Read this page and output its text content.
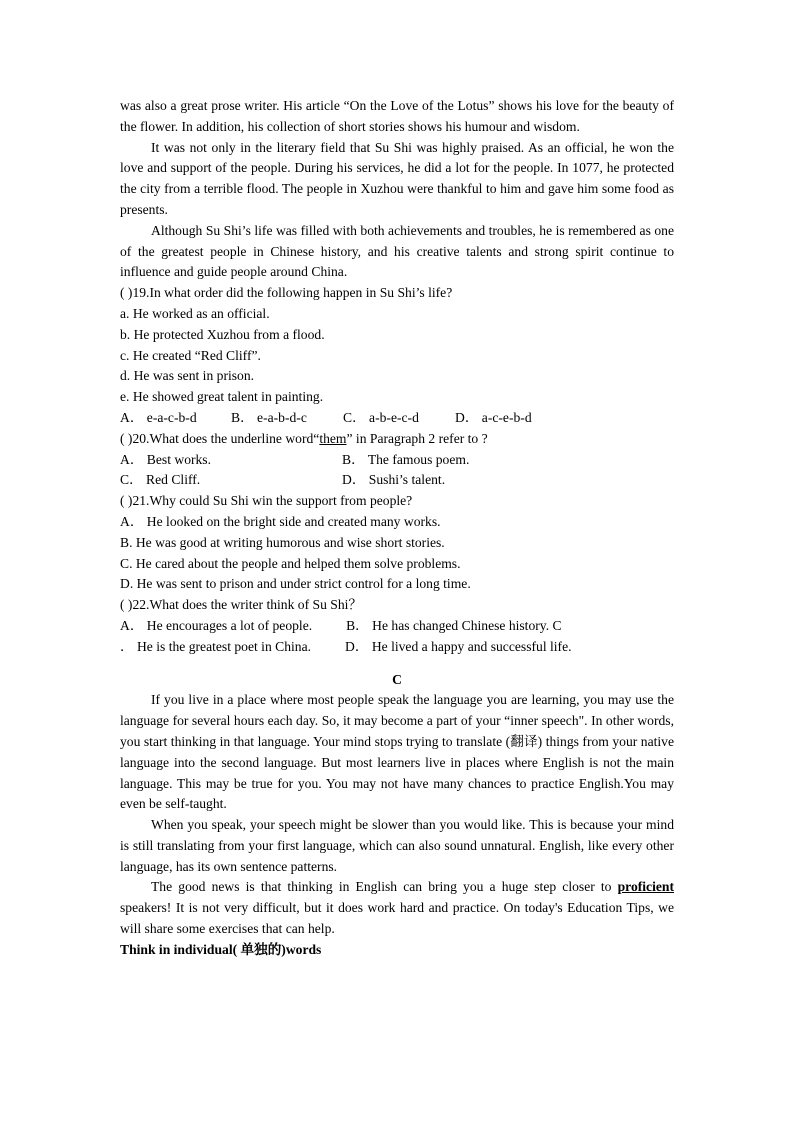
was also a great prose writer. His article “On the Love of the Lotus” shows his love for the beauty of the flower. In addition, his collection of short stories shows his humour and wisdom.

It was not only in the literary field that Su Shi was highly praised. As an official, he won the love and support of the people. During his services, he did a lot for the people. In 1077, he protected the city from a terrible flood. The people in Xuzhou were thankful to him and gave him some food as presents.

Although Su Shi’s life was filled with both achievements and troubles, he is remembered as one of the greatest people in Chinese history, and his creative talents and strong spirit continue to influence and guide people around China.

( )19.In what order did the following happen in Su Shi’s life?

a. He worked as an official.

b. He protected Xuzhou from a flood.

c. He created “Red Cliff”.

d. He was sent in prison.

e. He showed great talent in painting.

A． e-a-c-b-d	B． e-a-b-d-c	C． a-b-e-c-d	D． a-c-e-b-d

( )20.What does the underline word“them” in Paragraph 2 refer to ?

A． Best works.	B． The famous poem.
C． Red Cliff.	D． Sushi’s talent.

( )21.Why could Su Shi win the support from people?

A． He looked on the bright side and created many works.

B. He was good at writing humorous and wise short stories.

C. He cared about the people and helped them solve problems.

D. He was sent to prison and under strict control for a long time.

( )22.What does the writer think of Su Shi？

A． He encourages a lot of people.          B． He has changed Chinese history. C

． He is the greatest poet in China.          D． He lived a happy and successful life.

C

If you live in a place where most people speak the language you are learning, you may use the language for several hours each day. So, it may become a part of your “inner speech". In other words, you start thinking in that language. Your mind stops trying to translate (翻译) things from your native language into the second language. But most learners live in places where English is not the main language. This may be true for you. You may not have many chances to practice English.You may even be self-taught.

When you speak, your speech might be slower than you would like. This is because your mind is still translating from your first language, which can also sound unnatural. English, like every other language, has its own sentence patterns.

The good news is that thinking in English can bring you a huge step closer to proficient speakers! It is not very difficult, but it does work hard and practice. On today's Education Tips, we will share some exercises that can help.

Think in individual( 单独的)words
